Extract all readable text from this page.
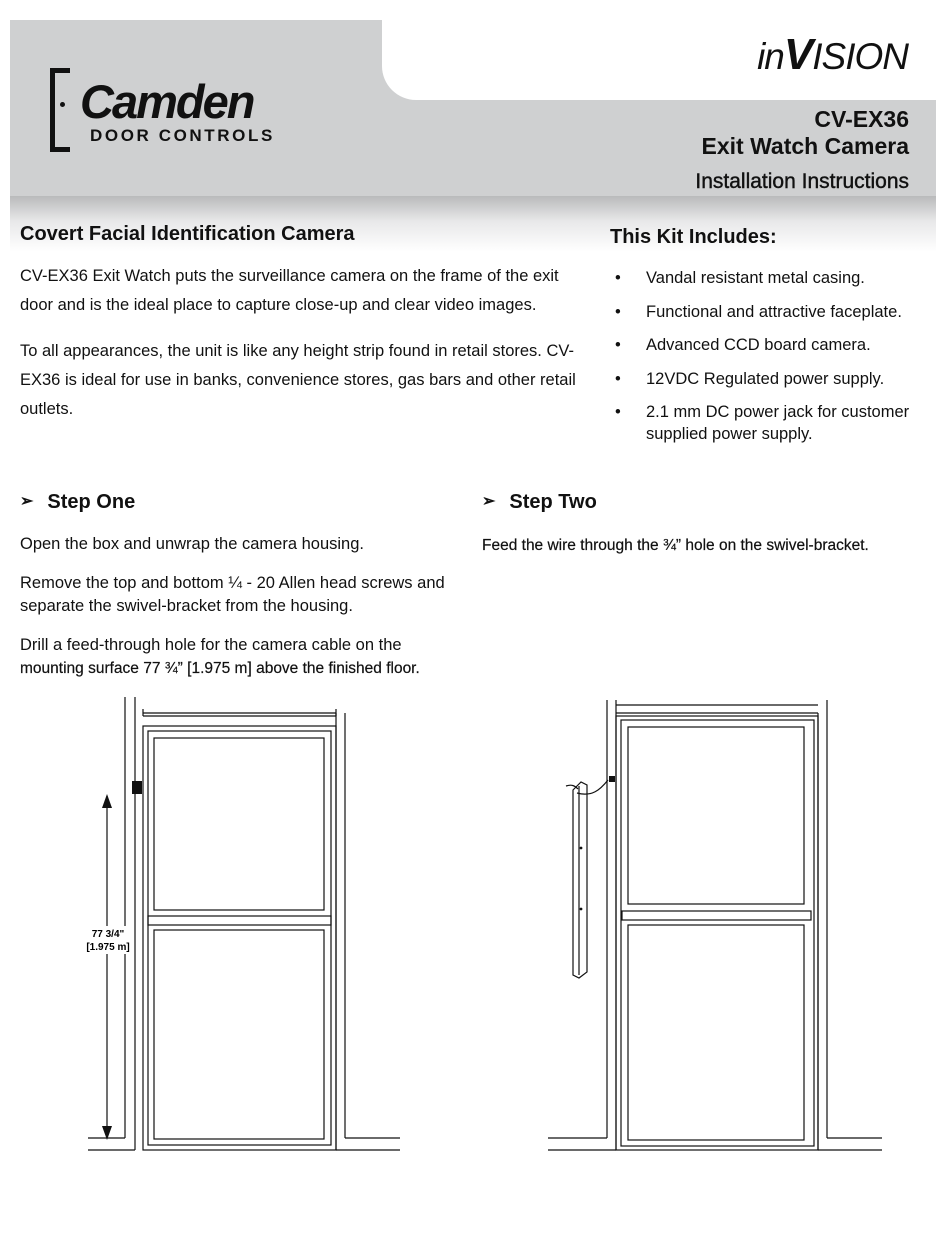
Camden
DOOR CONTROLS
inVISION
CV-EX36
Exit Watch Camera
Installation Instructions
Covert Facial Identification Camera

CV-EX36 Exit Watch puts the surveillance camera on the frame of the exit door and is the ideal place to capture close-up and clear video images.

To all appearances, the unit is like any height strip found in retail stores. CV-EX36 is ideal for use in banks, convenience stores, gas bars and other retail outlets.

This Kit Includes:
• Vandal resistant metal casing.
• Functional and attractive faceplate.
• Advanced CCD board camera.
• 12VDC Regulated power supply.
• 2.1 mm DC power jack for customer supplied power supply.
➢ Step One

Open the box and unwrap the camera housing.

Remove the top and bottom ¼ - 20 Allen head screws and separate the swivel-bracket from the housing.

Drill a feed-through hole for the camera cable on the

mounting surface 77 ¾” [1.975 m] above the finished floor.

➢ Step Two

Feed the wire through the ¾” hole on the swivel-bracket.

77 3/4"
[1.975 m]
